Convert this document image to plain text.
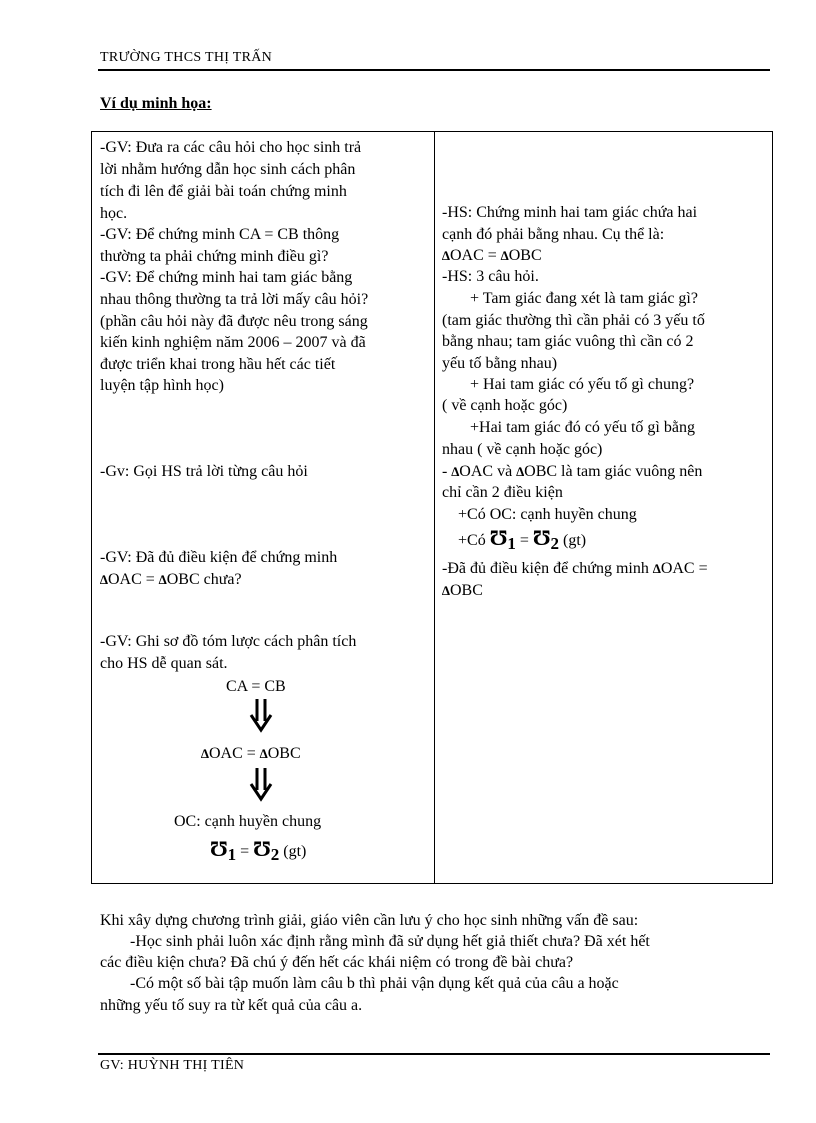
TRƯỜNG THCS THỊ TRẤN
Ví dụ minh họa:
-GV: Đưa ra các câu hỏi cho học sinh trả
lời nhằm hướng dẫn học sinh cách phân
tích đi lên để giải bài toán chứng minh
học.
-GV: Để chứng minh CA = CB thông
thường ta phải chứng minh điều gì?
-GV: Để chứng minh hai tam giác bằng
nhau thông thường ta trả lời mấy câu hỏi?
(phần câu hỏi này đã được nêu trong sáng
kiến kinh nghiệm năm 2006 – 2007 và đã
được triển khai trong hầu hết các tiết
luyện tập hình học)
-Gv: Gọi HS trả lời từng câu hỏi
-GV: Đã đủ điều kiện để chứng minh
∆OAC = ∆OBC chưa?
-GV: Ghi sơ đồ tóm lược cách phân tích
cho HS dễ quan sát.
CA = CB
∆OAC = ∆OBC
OC: cạnh huyền chung
Ʊ1 = Ʊ2 (gt)
-HS: Chứng minh hai tam giác chứa hai
cạnh đó phải bằng nhau. Cụ thể là:
∆OAC = ∆OBC
-HS: 3 câu hỏi.
+ Tam giác đang xét là tam giác gì?
(tam giác thường thì cần phải có 3 yếu tố
bằng nhau; tam giác vuông thì cần có 2
yếu tố bằng nhau)
+ Hai tam giác có yếu tố gì chung?
( về cạnh hoặc góc)
+Hai tam giác đó có yếu tố gì bằng
nhau ( về cạnh hoặc góc)
- ∆OAC và ∆OBC là tam giác vuông nên
chỉ cần 2 điều kiện
+Có OC: cạnh huyền chung
+Có Ʊ1 = Ʊ2 (gt)
-Đã đủ điều kiện để chứng minh ∆OAC =
∆OBC
Khi xây dựng chương trình giải, giáo viên cần lưu ý cho học sinh những vấn đề sau:
-Học sinh phải luôn xác định rằng mình đã sử dụng hết giả thiết chưa? Đã xét hết
các điều kiện chưa? Đã chú ý đến hết các khái niệm có trong đề bài chưa?
-Có một số bài tập muốn làm câu b thì phải vận dụng kết quả của câu a hoặc
những yếu tố suy ra từ kết quả của câu a.
GV: HUỲNH THỊ TIÊN
